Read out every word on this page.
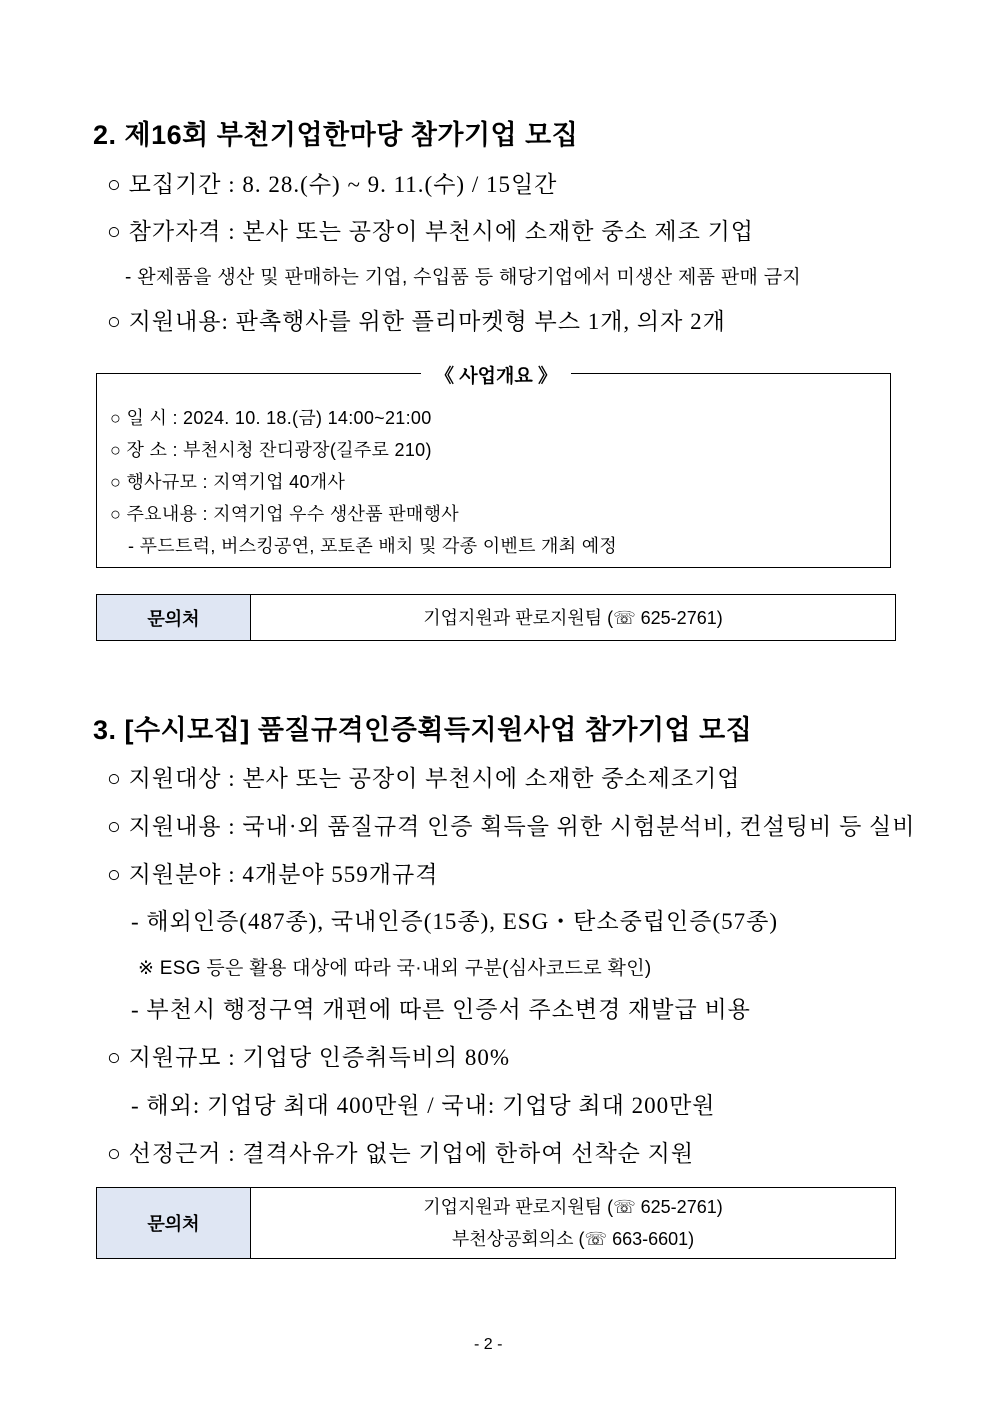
2. 제16회 부천기업한마당 참가기업 모집
○ 모집기간 : 8. 28.(수) ~ 9. 11.(수) / 15일간
○ 참가자격 : 본사 또는 공장이 부천시에 소재한 중소 제조 기업
- 완제품을 생산 및 판매하는 기업, 수입품 등 해당기업에서 미생산 제품 판매 금지
○ 지원내용: 판촉행사를 위한 플리마켓형 부스 1개, 의자 2개
《 사업개요 》
○ 일 시 : 2024. 10. 18.(금) 14:00~21:00
○ 장 소 : 부천시청 잔디광장(길주로 210)
○ 행사규모 : 지역기업 40개사
○ 주요내용 : 지역기업 우수 생산품 판매행사
- 푸드트럭, 버스킹공연, 포토존 배치 및 각종 이벤트 개최 예정
문의처	기업지원과 판로지원팀 (☏ 625-2761)
3. [수시모집] 품질규격인증획득지원사업 참가기업 모집
○ 지원대상 : 본사 또는 공장이 부천시에 소재한 중소제조기업
○ 지원내용 : 국내·외 품질규격 인증 획득을 위한 시험분석비, 컨설팅비 등 실비
○ 지원분야 : 4개분야 559개규격
- 해외인증(487종), 국내인증(15종), ESG・탄소중립인증(57종)
※ ESG 등은 활용 대상에 따라 국·내외 구분(심사코드로 확인)
- 부천시 행정구역 개편에 따른 인증서 주소변경 재발급 비용
○ 지원규모 : 기업당 인증취득비의 80%
- 해외: 기업당 최대 400만원 / 국내: 기업당 최대 200만원
○ 선정근거 : 결격사유가 없는 기업에 한하여 선착순 지원
문의처
기업지원과 판로지원팀 (☏ 625-2761)
부천상공회의소 (☏ 663-6601)
- 2 -
